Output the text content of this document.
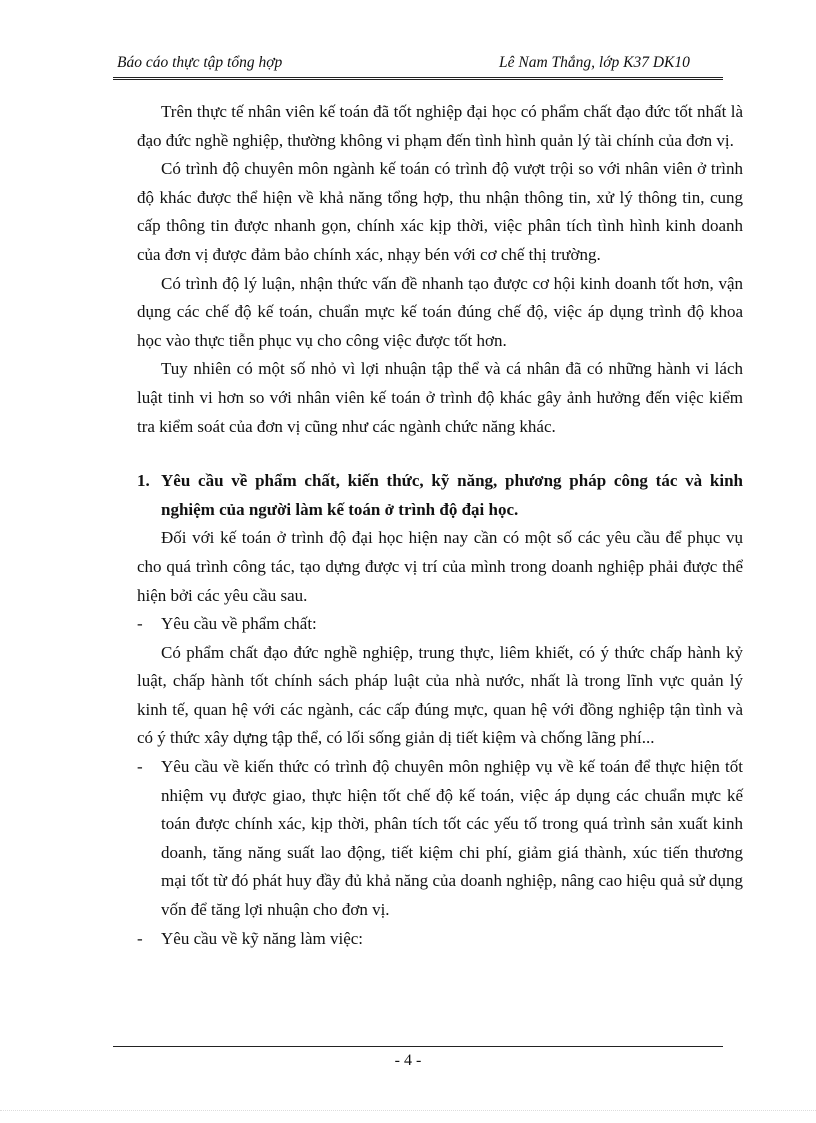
Báo cáo thực tập tổng hợp	Lê Nam Thắng, lớp K37 DK10

Trên thực tế nhân viên kế toán đã tốt nghiệp đại học có phẩm chất đạo đức tốt nhất là đạo đức nghề nghiệp, thường không vi phạm đến tình hình quản lý tài chính của đơn vị.

Có trình độ chuyên môn ngành kế toán có trình độ vượt trội so với nhân viên ở trình độ khác được thể hiện về khả năng tổng hợp, thu nhận thông tin, xử lý thông tin, cung cấp thông tin được nhanh gọn, chính xác kịp thời, việc phân tích tình hình kinh doanh của đơn vị được đảm bảo chính xác, nhạy bén với cơ chế thị trường.

Có trình độ lý luận, nhận thức vấn đề nhanh tạo được cơ hội kinh doanh tốt hơn, vận dụng các chế độ kế toán, chuẩn mực kế toán đúng chế độ, việc áp dụng trình độ khoa học vào thực tiễn phục vụ cho công việc được tốt hơn.

Tuy nhiên có một số nhỏ vì lợi nhuận tập thể và cá nhân đã có những hành vi lách luật tinh vi hơn so với nhân viên kế toán ở trình độ khác gây ảnh hưởng đến việc kiểm tra kiểm soát của đơn vị cũng như các ngành chức năng khác.

1. Yêu cầu về phẩm chất, kiến thức, kỹ năng, phương pháp công tác và kinh nghiệm của người làm kế toán ở trình độ đại học.

Đối với kế toán ở trình độ đại học hiện nay cần có một số các yêu cầu để phục vụ cho quá trình công tác, tạo dựng được vị trí của mình trong doanh nghiệp phải được thể hiện bởi các yêu cầu sau.

- Yêu cầu về phẩm chất:

Có phẩm chất đạo đức nghề nghiệp, trung thực, liêm khiết, có ý thức chấp hành kỷ luật, chấp hành tốt chính sách pháp luật của nhà nước, nhất là trong lĩnh vực quản lý kinh tế, quan hệ với các ngành, các cấp đúng mực, quan hệ với đồng nghiệp tận tình và có ý thức xây dựng tập thể, có lối sống giản dị tiết kiệm và chống lãng phí...

- Yêu cầu về kiến thức có trình độ chuyên môn nghiệp vụ về kế toán để thực hiện tốt nhiệm vụ được giao, thực hiện tốt chế độ kế toán, việc áp dụng các chuẩn mực kế toán được chính xác, kịp thời, phân tích tốt các yếu tố trong quá trình sản xuất kinh doanh, tăng năng suất lao động, tiết kiệm chi phí, giảm giá thành, xúc tiến thương mại tốt từ đó phát huy đầy đủ khả năng của doanh nghiệp, nâng cao hiệu quả sử dụng vốn để tăng lợi nhuận cho đơn vị.

- Yêu cầu về kỹ năng làm việc:

- 4 -
